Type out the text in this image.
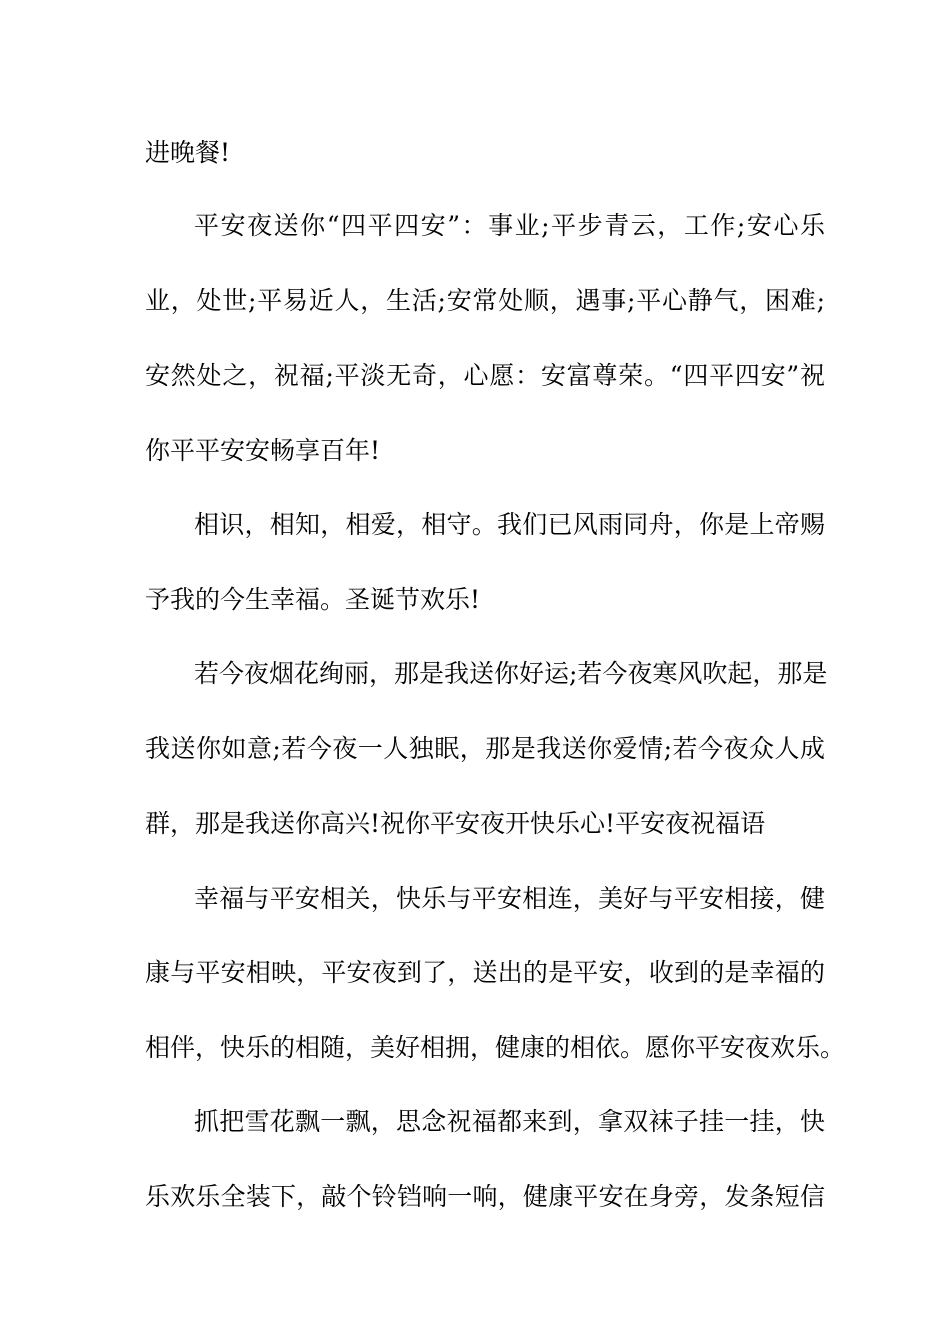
进晚餐!
平安夜送你“四平四安”：事业;平步青云，工作;安心乐
业，处世;平易近人，生活;安常处顺，遇事;平心静气，困难;
安然处之，祝福;平淡无奇，心愿：安富尊荣。“四平四安”祝
你平平安安畅享百年!
相识，相知，相爱，相守。我们已风雨同舟，你是上帝赐
予我的今生幸福。圣诞节欢乐!
若今夜烟花绚丽，那是我送你好运;若今夜寒风吹起，那是
我送你如意;若今夜一人独眠，那是我送你爱情;若今夜众人成
群，那是我送你高兴!祝你平安夜开快乐心!平安夜祝福语
幸福与平安相关，快乐与平安相连，美好与平安相接，健
康与平安相映，平安夜到了，送出的是平安，收到的是幸福的
相伴，快乐的相随，美好相拥，健康的相依。愿你平安夜欢乐。
抓把雪花飘一飘，思念祝福都来到，拿双袜子挂一挂，快
乐欢乐全装下，敲个铃铛响一响，健康平安在身旁，发条短信
